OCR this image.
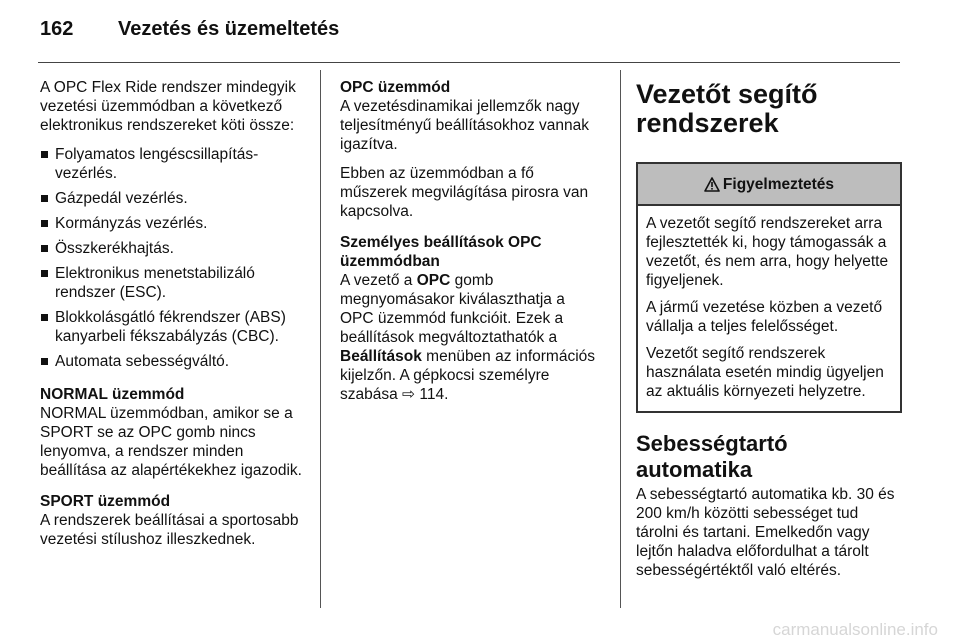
162	Vezetés és üzemeltetés

A OPC Flex Ride rendszer mindegyik vezetési üzemmódban a következő elektronikus rendszereket köti össze:

Folyamatos lengéscsillapítás-vezérlés.
Gázpedál vezérlés.
Kormányzás vezérlés.
Összkerékhajtás.
Elektronikus menetstabilizáló rendszer (ESC).
Blokkolásgátló fékrendszer (ABS) kanyarbeli fékszabályzás (CBC).
Automata sebességváltó.

NORMAL üzemmód

NORMAL üzemmódban, amikor se a SPORT se az OPC gomb nincs lenyomva, a rendszer minden beállítása az alapértékekhez igazodik.

SPORT üzemmód

A rendszerek beállításai a sportosabb vezetési stílushoz illeszkednek.

OPC üzemmód

A vezetésdinamikai jellemzők nagy teljesítményű beállításokhoz vannak igazítva.

Ebben az üzemmódban a fő műszerek megvilágítása pirosra van kapcsolva.

Személyes beállítások OPC üzemmódban

A vezető a OPC gomb megnyomásakor kiválaszthatja a OPC üzemmód funkcióit. Ezek a beállítások megváltoztathatók a Beállítások menüben az információs kijelzőn. A gépkocsi személyre szabása ⇨ 114.

Vezetőt segítő rendszerek
Figyelmeztetés

A vezetőt segítő rendszereket arra fejlesztették ki, hogy támogassák a vezetőt, és nem arra, hogy helyette figyeljenek.

A jármű vezetése közben a vezető vállalja a teljes felelősséget.

Vezetőt segítő rendszerek használata esetén mindig ügyeljen az aktuális környezeti helyzetre.

Sebességtartó automatika

A sebességtartó automatika kb. 30 és 200 km/h közötti sebességet tud tárolni és tartani. Emelkedőn vagy lejtőn haladva előfordulhat a tárolt sebességértéktől való eltérés.

carmanualsonline.info
